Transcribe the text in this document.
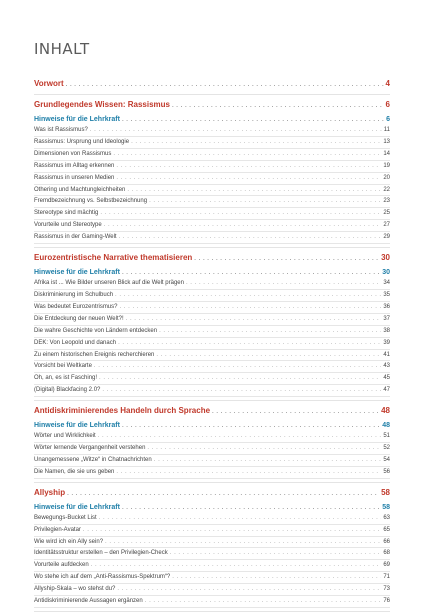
INHALT
Vorwort . . .	4
Grundlegendes Wissen: Rassismus . . .	6
Hinweise für die Lehrkraft . . .	6
Was ist Rassismus? . . .	11
Rassismus: Ursprung und Ideologie . . .	13
Dimensionen von Rassismus . . .	14
Rassismus im Alltag erkennen . . .	19
Rassismus in unseren Medien . . .	20
Othering und Machtungleichheiten . . .	22
Fremdbezeichnung vs. Selbstbezeichnung . . .	23
Stereotype sind mächtig . . .	25
Vorurteile und Stereotype . . .	27
Rassismus in der Gaming-Welt . . .	29
Eurozentristische Narrative thematisieren . . .	30
Hinweise für die Lehrkraft . . .	30
Afrika ist ... Wie Bilder unseren Blick auf die Welt prägen . . .	34
Diskriminierung im Schulbuch . . .	35
Was bedeutet Eurozentrismus? . . .	36
Die Entdeckung der neuen Welt?! . . .	37
Die wahre Geschichte von Ländern entdecken . . .	38
DEK: Von Leopold und danach . . .	39
Zu einem historischen Ereignis recherchieren . . .	41
Vorsicht bei Weltkarte . . .	43
Oh, an, es ist Fasching! . . .	45
(Digital) Blackfacing 2.0? . . .	47
Antidiskriminierendes Handeln durch Sprache . . .	48
Hinweise für die Lehrkraft . . .	48
Wörter und Wirklichkeit . . .	51
Wörter lernende Vergangenheit verstehen . . .	52
Unangemessene „Witze“ in Chatnachrichten . . .	54
Die Namen, die sie uns geben . . .	56
Allyship . . .	58
Hinweise für die Lehrkraft . . .	58
Bewegungs-Bucket List . . .	63
Privilegien-Avatar . . .	65
Wie wird ich ein Ally sein? . . .	66
Identitätsstruktur erstellen – den Privilegien-Check . . .	68
Vorurteile aufdecken . . .	69
Wo stehe ich auf dem „Anti-Rassismus-Spektrum“? . . .	71
Allyship-Skala – wo stehst du? . . .	73
Antidiskriminierende Aussagen ergänzen . . .	76
